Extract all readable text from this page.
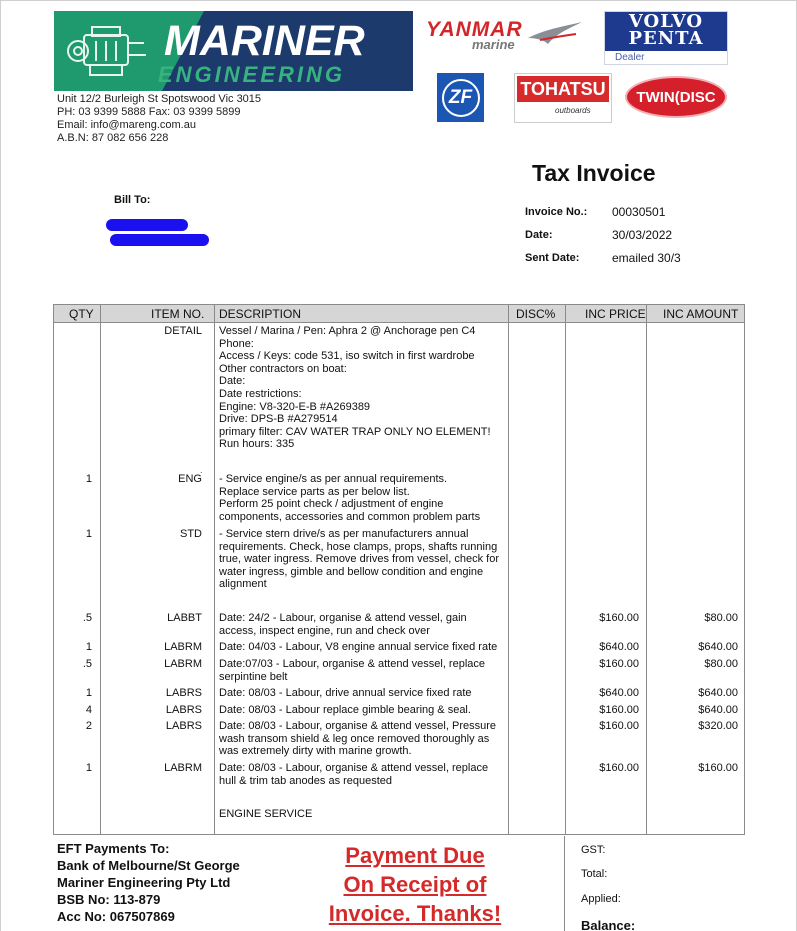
MARINER
ENGINEERING
Unit 12/2 Burleigh St Spotswood Vic 3015
PH: 03 9399 5888 Fax: 03 9399 5899
Email: info@mareng.com.au
A.B.N: 87 082 656 228
YANMAR
marine
VOLVO
PENTA
Dealer
ZF	TOHATSU
outboards
TWIN(DISC
Tax Invoice
Invoice No.: 00030501
Date:	30/03/2022
Sent Date:	emailed 30/3
Bill To:
QTY	ITEM NO. DESCRIPTION	DISC% INC PRICE INC AMOUNT
DETAIL Vessel / Marina / Pen: Aphra 2 @ Anchorage pen C4
Phone:
Access / Keys: code 531, iso switch in first wardrobe
Other contractors on boat:
Date:
Date restrictions:
Engine: V8-320-E-B #A269389
Drive: DPS-B #A279514
primary filter: CAV WATER TRAP ONLY NO ELEMENT!
Run hours: 335
1	ENG - Service engine/s as per annual requirements.
Replace service parts as per below list.
Perform 25 point check / adjustment of engine
components, accessories and common problem parts
1	STD - Service stern drive/s as per manufacturers annual
requirements. Check, hose clamps, props, shafts running
true, water ingress. Remove drives from vessel, check for
water ingress, gimble and bellow condition and engine
alignment
.5	LABBT Date: 24/2 - Labour, organise & attend vessel, gain
access, inspect engine, run and check over
$160.00	$80.00
1	LABRM Date: 04/03 - Labour, V8 engine annual service fixed rate	$640.00	$640.00
.5	LABRM Date:07/03 - Labour, organise & attend vessel, replace
serpintine belt
$160.00	$80.00
1	LABRS Date: 08/03 - Labour, drive annual service fixed rate	$640.00	$640.00
4	LABRS Date: 08/03 - Labour replace gimble bearing & seal.	$160.00	$640.00
2	LABRS Date: 08/03 - Labour, organise & attend vessel, Pressure
wash transom shield & leg once removed thoroughly as
was extremely dirty with marine growth.
$160.00	$320.00
1	LABRM Date: 08/03 - Labour, organise & attend vessel, replace
hull & trim tab anodes as requested
$160.00	$160.00
ENGINE SERVICE
.
EFT Payments To:
Bank of Melbourne/St George
Mariner Engineering Pty Ltd
BSB No: 113-879
Acc No: 067507869
Payment Due
On Receipt of
Invoice. Thanks!
GST:
Total:
Applied:
Balance:
